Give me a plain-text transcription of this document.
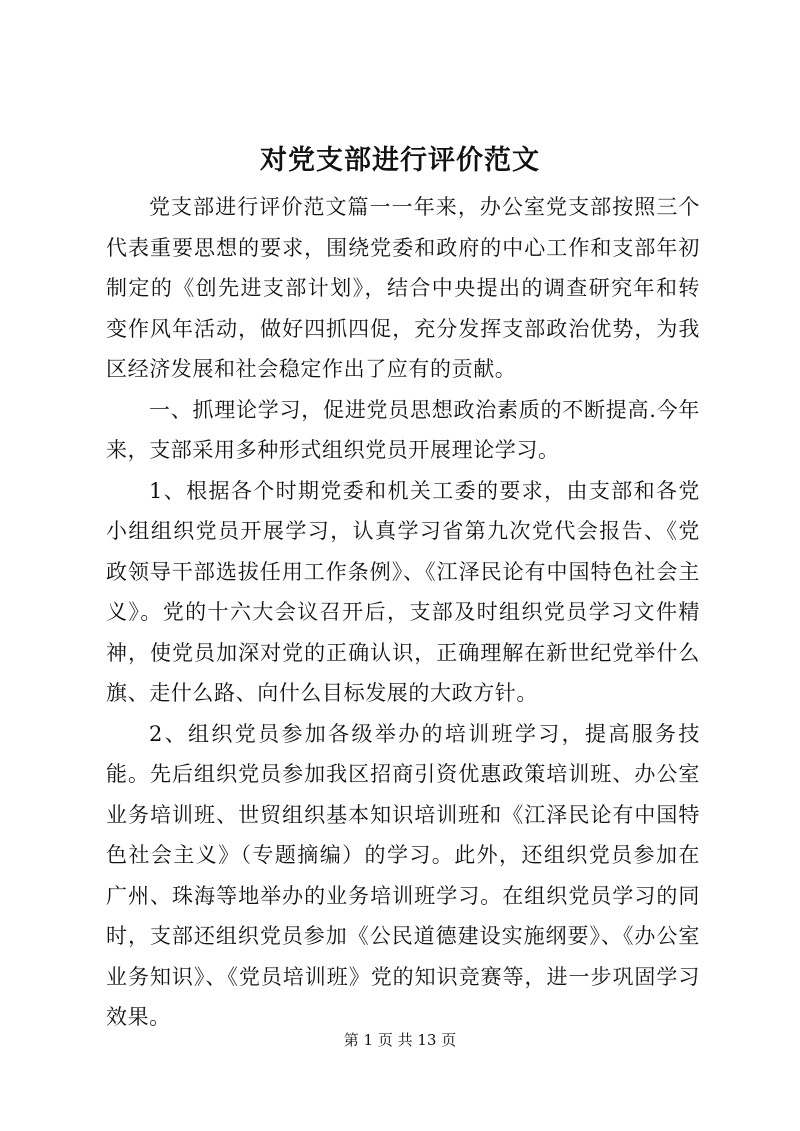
对党支部进行评价范文

党支部进行评价范文篇一一年来，办公室党支部按照三个代表重要思想的要求，围绕党委和政府的中心工作和支部年初制定的《创先进支部计划》，结合中央提出的调查研究年和转变作风年活动，做好四抓四促，充分发挥支部政治优势，为我区经济发展和社会稳定作出了应有的贡献。

一、抓理论学习，促进党员思想政治素质的不断提高.今年来，支部采用多种形式组织党员开展理论学习。

1、根据各个时期党委和机关工委的要求，由支部和各党小组组织党员开展学习，认真学习省第九次党代会报告、《党政领导干部选拔任用工作条例》、《江泽民论有中国特色社会主义》。党的十六大会议召开后，支部及时组织党员学习文件精神，使党员加深对党的正确认识，正确理解在新世纪党举什么旗、走什么路、向什么目标发展的大政方针。

2、组织党员参加各级举办的培训班学习，提高服务技能。先后组织党员参加我区招商引资优惠政策培训班、办公室业务培训班、世贸组织基本知识培训班和《江泽民论有中国特色社会主义》（专题摘编）的学习。此外，还组织党员参加在广州、珠海等地举办的业务培训班学习。在组织党员学习的同时，支部还组织党员参加《公民道德建设实施纲要》、《办公室业务知识》、《党员培训班》党的知识竞赛等，进一步巩固学习效果。

第 1 页 共 13 页
